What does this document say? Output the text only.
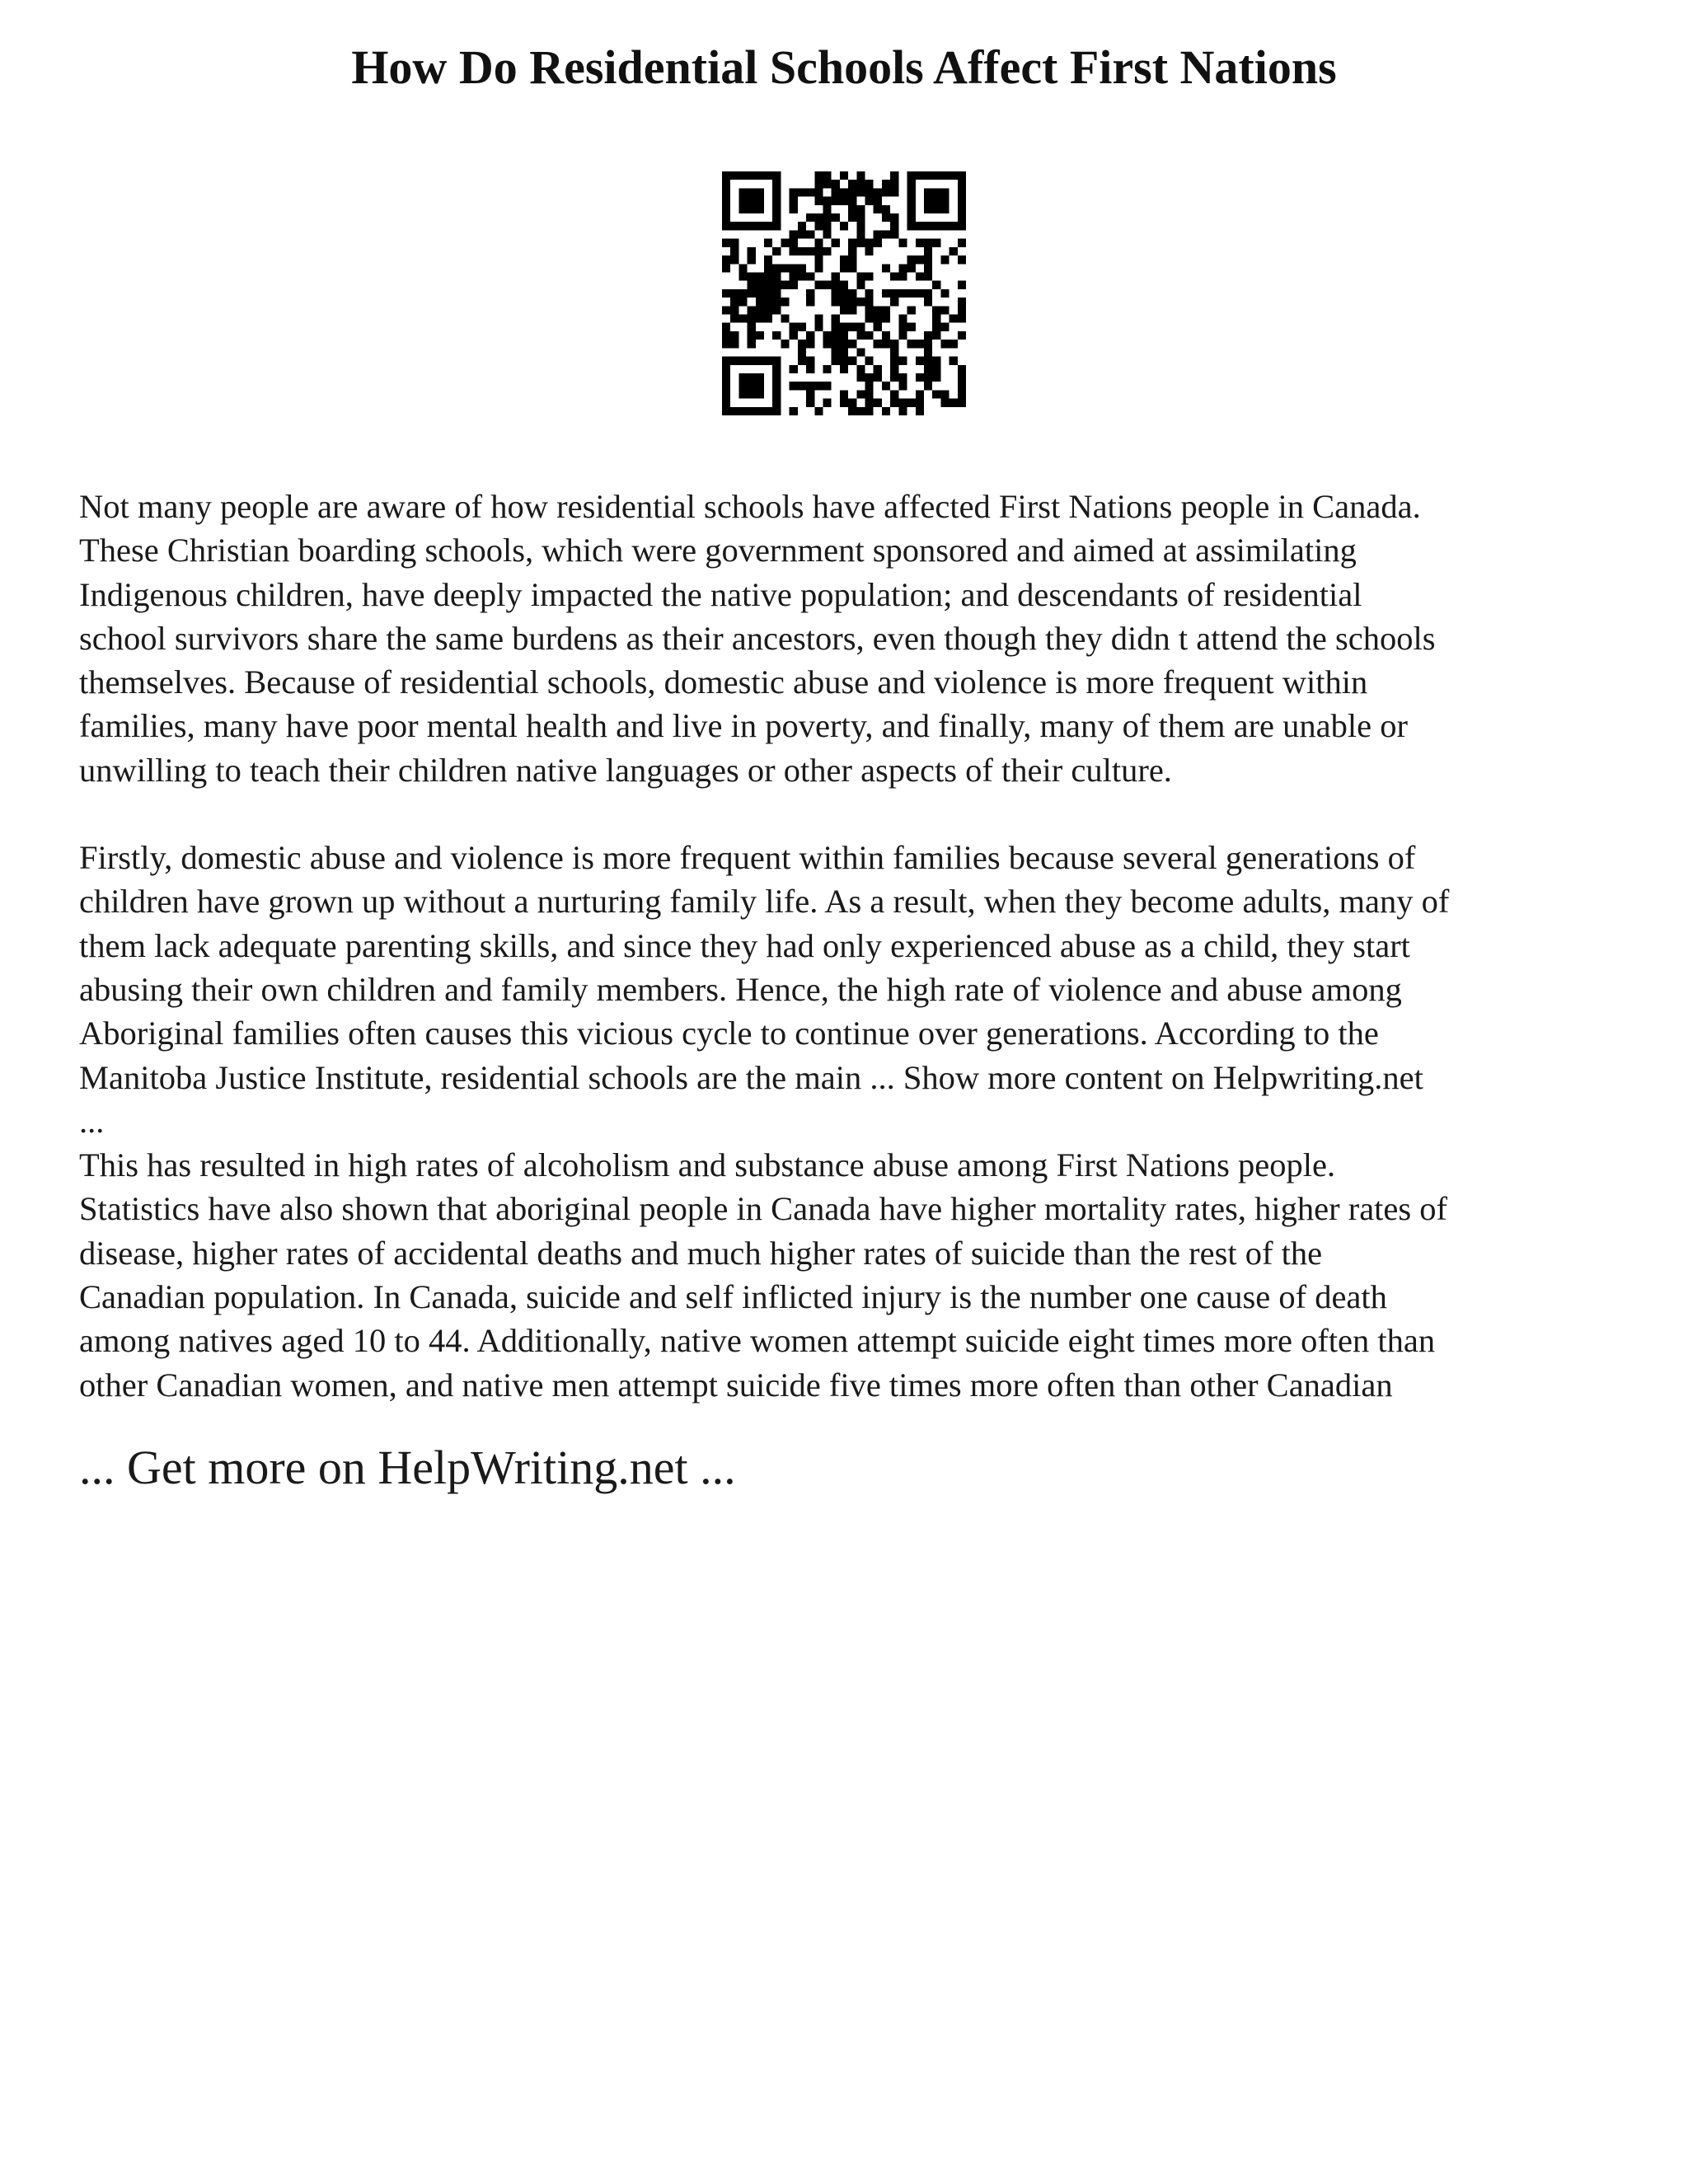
How Do Residential Schools Affect First Nations

Not many people are aware of how residential schools have affected First Nations people in Canada.
These Christian boarding schools, which were government sponsored and aimed at assimilating
Indigenous children, have deeply impacted the native population; and descendants of residential
school survivors share the same burdens as their ancestors, even though they didn t attend the schools
themselves. Because of residential schools, domestic abuse and violence is more frequent within
families, many have poor mental health and live in poverty, and finally, many of them are unable or
unwilling to teach their children native languages or other aspects of their culture.

Firstly, domestic abuse and violence is more frequent within families because several generations of
children have grown up without a nurturing family life. As a result, when they become adults, many of
them lack adequate parenting skills, and since they had only experienced abuse as a child, they start
abusing their own children and family members. Hence, the high rate of violence and abuse among
Aboriginal families often causes this vicious cycle to continue over generations. According to the
Manitoba Justice Institute, residential schools are the main ... Show more content on Helpwriting.net
...

This has resulted in high rates of alcoholism and substance abuse among First Nations people.
Statistics have also shown that aboriginal people in Canada have higher mortality rates, higher rates of
disease, higher rates of accidental deaths and much higher rates of suicide than the rest of the
Canadian population. In Canada, suicide and self inflicted injury is the number one cause of death
among natives aged 10 to 44. Additionally, native women attempt suicide eight times more often than
other Canadian women, and native men attempt suicide five times more often than other Canadian

... Get more on HelpWriting.net ...
